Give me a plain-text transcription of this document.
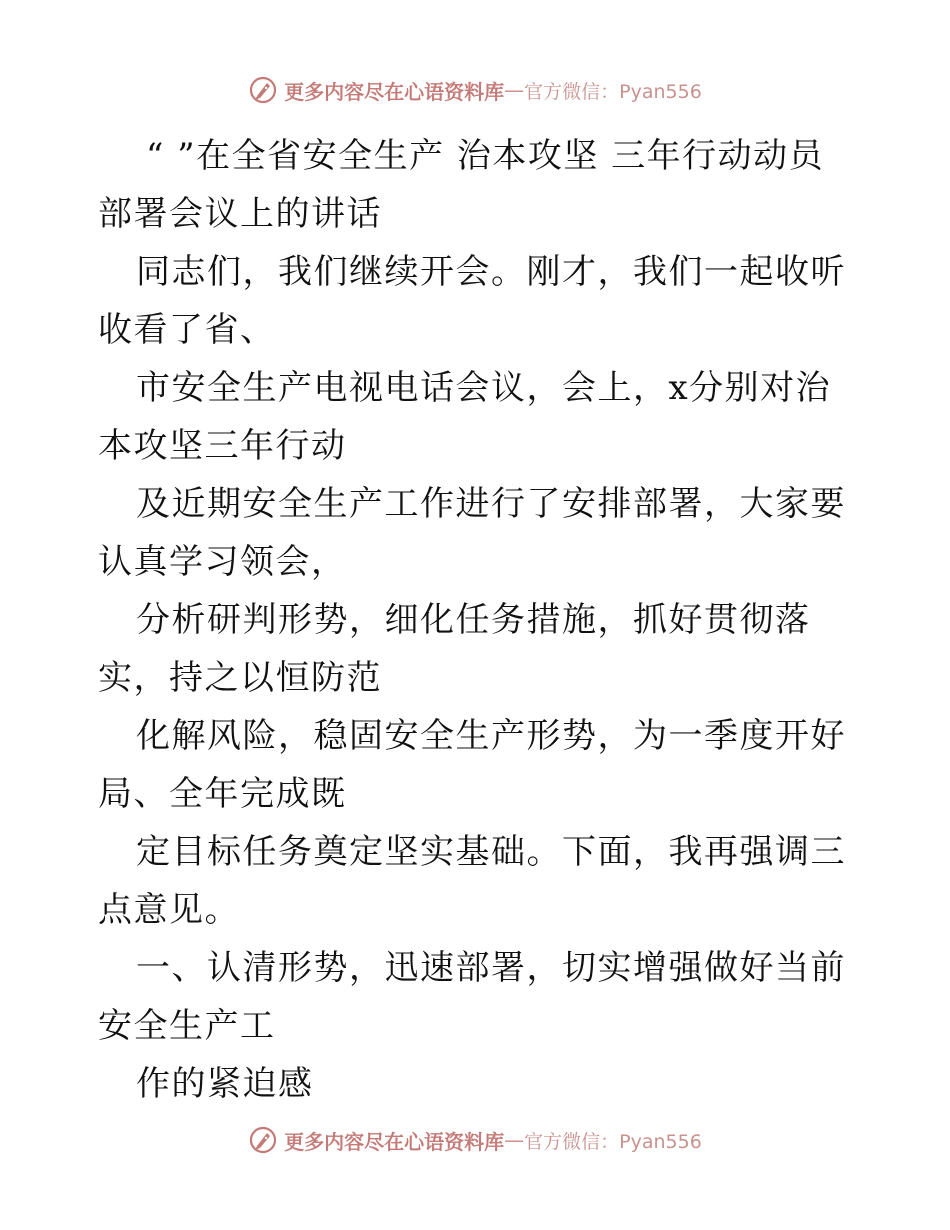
更多内容尽在心语资料库 — 官方微信：Pyan556

“ ”在全省安全生产 治本攻坚 三年行动动员部署会议上的讲话

同志们，我们继续开会。刚才，我们一起收听收看了省、

市安全生产电视电话会议，会上，x分别对治本攻坚三年行动

及近期安全生产工作进行了安排部署，大家要认真学习领会，

分析研判形势，细化任务措施，抓好贯彻落实，持之以恒防范

化解风险，稳固安全生产形势，为一季度开好局、全年完成既

定目标任务奠定坚实基础。下面，我再强调三点意见。

一、认清形势，迅速部署，切实增强做好当前安全生产工

作的紧迫感

更多内容尽在心语资料库 — 官方微信：Pyan556
